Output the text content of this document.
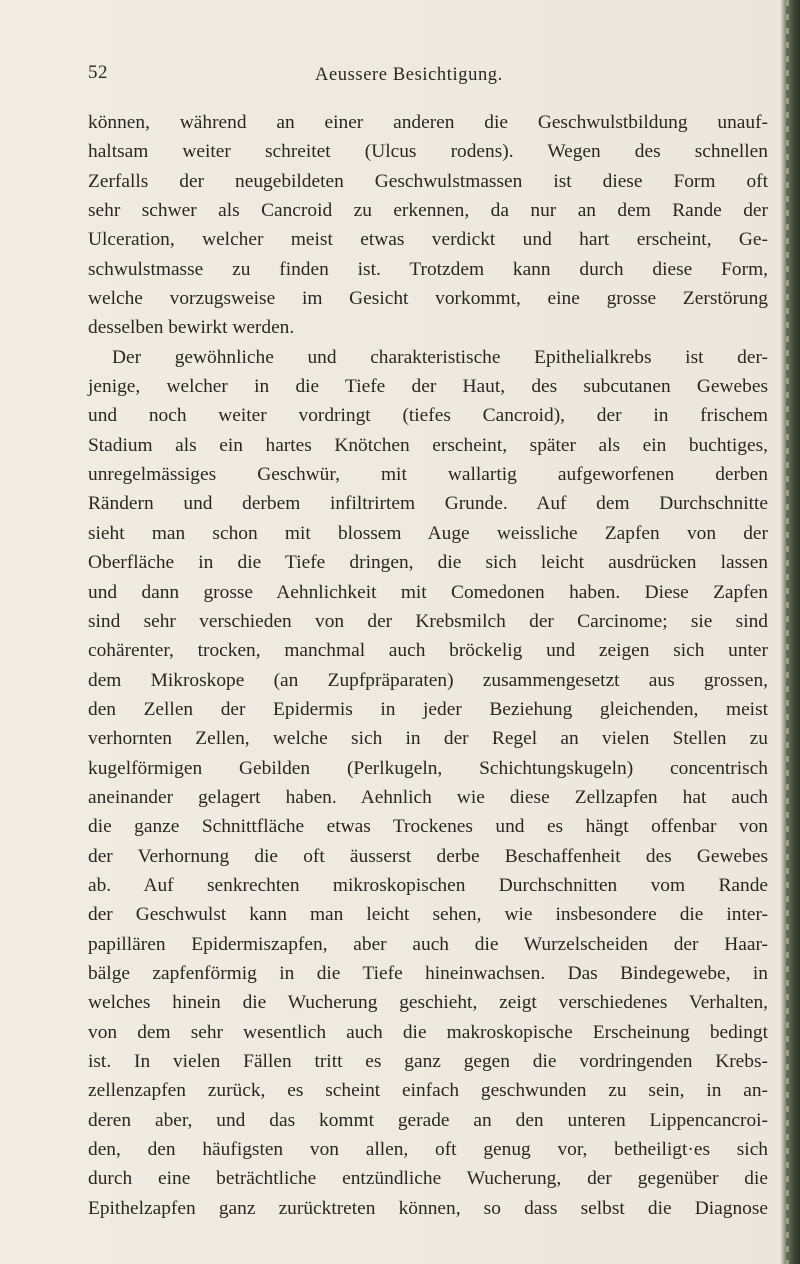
52	Aeussere Besichtigung.

können, während an einer anderen die Geschwulstbildung unauf-
haltsam weiter schreitet (Ulcus rodens). Wegen des schnellen
Zerfalls der neugebildeten Geschwulstmassen ist diese Form oft
sehr schwer als Cancroid zu erkennen, da nur an dem Rande der
Ulceration, welcher meist etwas verdickt und hart erscheint, Ge-
schwulstmasse zu finden ist. Trotzdem kann durch diese Form,
welche vorzugsweise im Gesicht vorkommt, eine grosse Zerstörung
desselben bewirkt werden.
Der gewöhnliche und charakteristische Epithelialkrebs ist der-
jenige, welcher in die Tiefe der Haut, des subcutanen Gewebes
und noch weiter vordringt (tiefes Cancroid), der in frischem
Stadium als ein hartes Knötchen erscheint, später als ein buchtiges,
unregelmässiges Geschwür, mit wallartig aufgeworfenen derben
Rändern und derbem infiltrirtem Grunde. Auf dem Durchschnitte
sieht man schon mit blossem Auge weissliche Zapfen von der
Oberfläche in die Tiefe dringen, die sich leicht ausdrücken lassen
und dann grosse Aehnlichkeit mit Comedonen haben. Diese Zapfen
sind sehr verschieden von der Krebsmilch der Carcinome; sie sind
cohärenter, trocken, manchmal auch bröckelig und zeigen sich unter
dem Mikroskope (an Zupfpräparaten) zusammengesetzt aus grossen,
den Zellen der Epidermis in jeder Beziehung gleichenden, meist
verhornten Zellen, welche sich in der Regel an vielen Stellen zu
kugelförmigen Gebilden (Perlkugeln, Schichtungskugeln) concentrisch
aneinander gelagert haben. Aehnlich wie diese Zellzapfen hat auch
die ganze Schnittfläche etwas Trockenes und es hängt offenbar von
der Verhornung die oft äusserst derbe Beschaffenheit des Gewebes
ab. Auf senkrechten mikroskopischen Durchschnitten vom Rande
der Geschwulst kann man leicht sehen, wie insbesondere die inter-
papillären Epidermiszapfen, aber auch die Wurzelscheiden der Haar-
bälge zapfenförmig in die Tiefe hineinwachsen. Das Bindegewebe, in
welches hinein die Wucherung geschieht, zeigt verschiedenes Verhalten,
von dem sehr wesentlich auch die makroskopische Erscheinung bedingt
ist. In vielen Fällen tritt es ganz gegen die vordringenden Krebs-
zellenzapfen zurück, es scheint einfach geschwunden zu sein, in an-
deren aber, und das kommt gerade an den unteren Lippencancroi-
den, den häufigsten von allen, oft genug vor, betheiligt·es sich
durch eine beträchtliche entzündliche Wucherung, der gegenüber die
Epithelzapfen ganz zurücktreten können, so dass selbst die Diagnose
